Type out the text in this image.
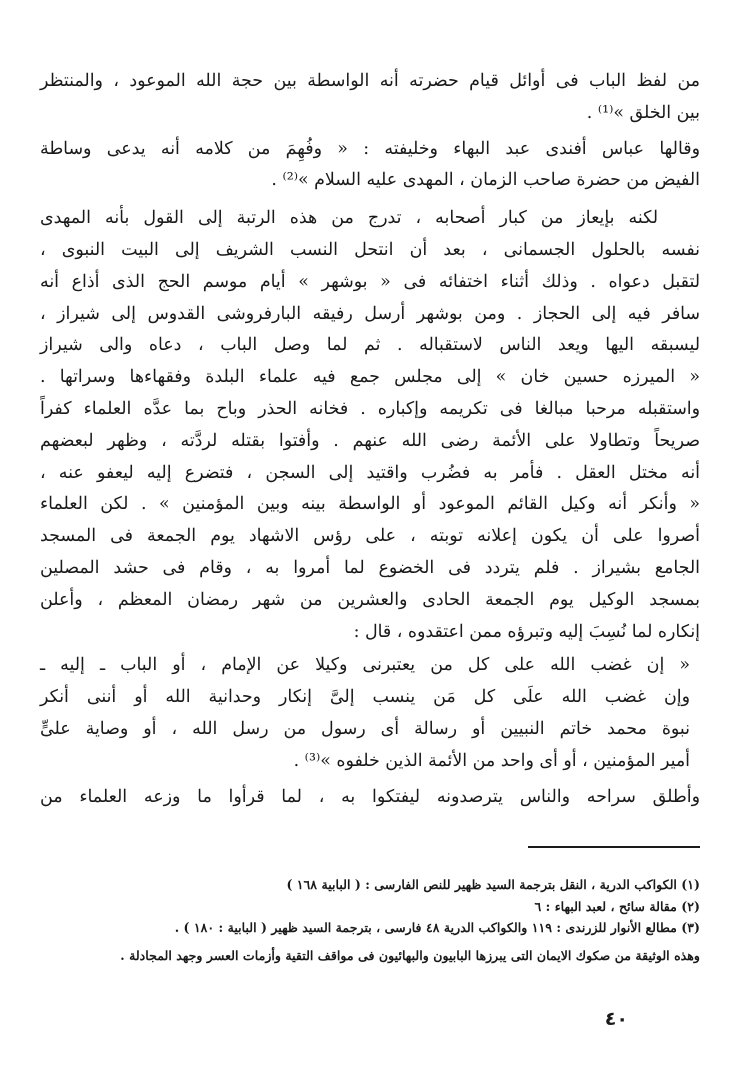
من لفظ الباب فى أوائل قيام حضرته أنه الواسطة بين حجة الله الموعود ، والمنتظر
بين الخلق »⁽¹⁾ .

وقالها عباس أفندى عبد البهاء وخليفته : « وفُهِمَ من كلامه أنه يدعى وساطة
الفيض من حضرة صاحب الزمان ، المهدى عليه السلام »⁽²⁾ .

لكنه بإيعاز من كبار أصحابه ، تدرج من هذه الرتبة إلى القول بأنه المهدى
نفسه بالحلول الجسمانى ، بعد أن انتحل النسب الشريف إلى البيت النبوى ،
لتقبل دعواه . وذلك أثناء اختفائه فى « بوشهر » أيام موسم الحج الذى أذاع أنه
سافر فيه إلى الحجاز . ومن بوشهر أرسل رفيقه البارفروشى القدوس إلى شيراز ،
ليسبقه اليها ويعد الناس لاستقباله . ثم لما وصل الباب ، دعاه والى شيراز
« الميرزه حسين خان » إلى مجلس جمع فيه علماء البلدة وفقهاءها وسراتها .
واستقبله مرحبا مبالغا فى تكريمه وإكباره . فخانه الحذر وباح بما عدَّه العلماء كفراً
صريحاً وتطاولا على الأئمة رضى الله عنهم . وأفتوا بقتله لردَّته ، وظهر لبعضهم
أنه مختل العقل . فأمر به فضُرب واقتيد إلى السجن ، فتضرع إليه ليعفو عنه ،
« وأنكر أنه وكيل القائم الموعود أو الواسطة بينه وبين المؤمنين » . لكن العلماء
أصروا على أن يكون إعلانه توبته ، على رؤس الاشهاد يوم الجمعة فى المسجد
الجامع بشيراز . فلم يتردد فى الخضوع لما أمروا به ، وقام فى حشد المصلين
بمسجد الوكيل يوم الجمعة الحادى والعشرين من شهر رمضان المعظم ، وأعلن
إنكاره لما نُسِبَ إليه وتبرؤه ممن اعتقدوه ، قال :

« إن غضب الله على كل من يعتبرنى وكيلا عن الإمام ، أو الباب ـ إليه ـ
وإن غضب الله علَى كل مَن ينسب إلىَّ إنكار وحدانية الله أو أننى أنكر
نبوة محمد خاتم النبيين أو رسالة أى رسول من رسل الله ، أو وصاية علىٍّ
أمير المؤمنين ، أو أى واحد من الأئمة الذين خلفوه »⁽³⁾ .

وأطلق سراحه والناس يترصدونه ليفتكوا به ، لما قرأوا ما وزعه العلماء من

(١) الكواكب الدرية ، النقل بترجمة السيد ظهير للنص الفارسى : ( البابية ١٦٨ )
(٢) مقالة سائح ، لعبد البهاء : ٦
(٣) مطالع الأنوار للزرندى : ١١٩ والكواكب الدرية ٤٨ فارسى ، بترجمة السيد ظهير ( البابية : ١٨٠ ) .
وهذه الوثيقة من صكوك الايمان التى يبرزها البابيون والبهائيون فى مواقف التقية وأزمات العسر وجهد المجادلة .
٤٠
